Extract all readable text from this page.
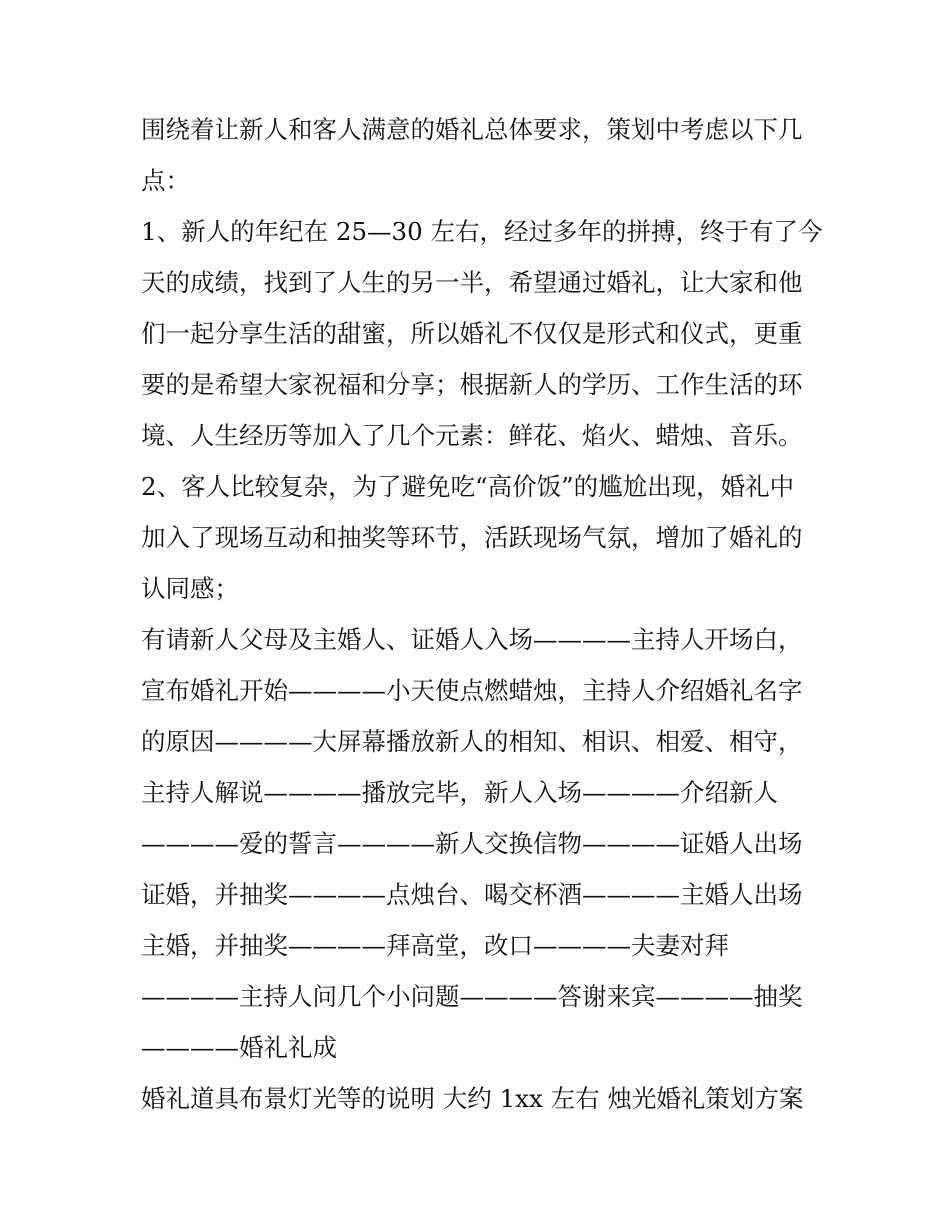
围绕着让新人和客人满意的婚礼总体要求，策划中考虑以下几
点：
1、新人的年纪在 25—30 左右，经过多年的拼搏，终于有了今
天的成绩，找到了人生的另一半，希望通过婚礼，让大家和他
们一起分享生活的甜蜜，所以婚礼不仅仅是形式和仪式，更重
要的是希望大家祝福和分享；根据新人的学历、工作生活的环
境、人生经历等加入了几个元素：鲜花、焰火、蜡烛、音乐。
2、客人比较复杂，为了避免吃“高价饭”的尴尬出现，婚礼中
加入了现场互动和抽奖等环节，活跃现场气氛，增加了婚礼的
认同感；
有请新人父母及主婚人、证婚人入场————主持人开场白，
宣布婚礼开始————小天使点燃蜡烛，主持人介绍婚礼名字
的原因————大屏幕播放新人的相知、相识、相爱、相守，
主持人解说————播放完毕，新人入场————介绍新人
————爱的誓言————新人交换信物————证婚人出场
证婚，并抽奖————点烛台、喝交杯酒————主婚人出场
主婚，并抽奖————拜高堂，改口————夫妻对拜
————主持人问几个小问题————答谢来宾————抽奖
————婚礼礼成
婚礼道具布景灯光等的说明 大约 1xx 左右 烛光婚礼策划方案
